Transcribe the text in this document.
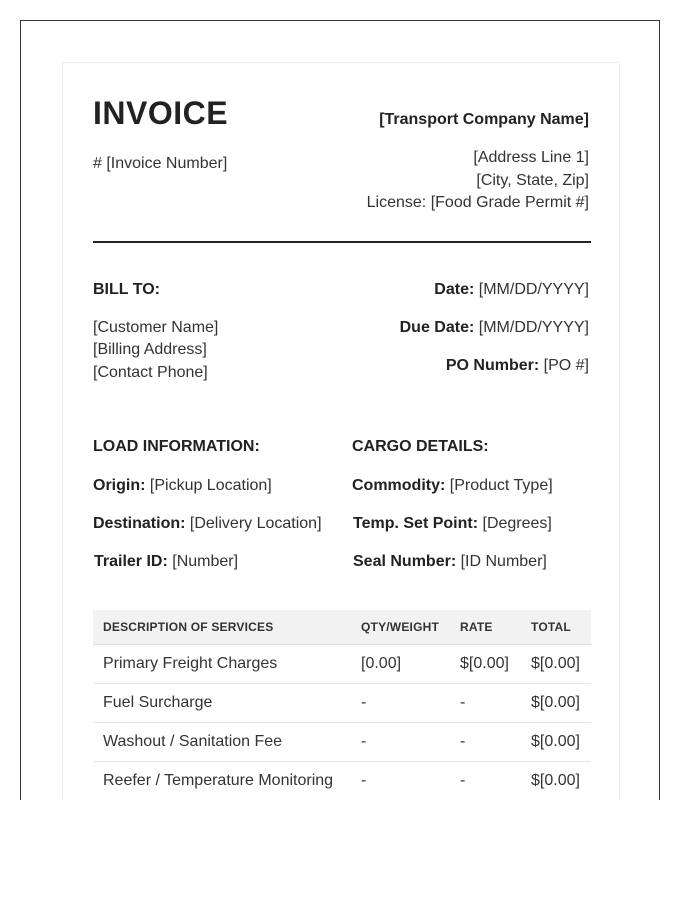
INVOICE
# [Invoice Number]
[Transport Company Name]
[Address Line 1]
[City, State, Zip]
License: [Food Grade Permit #]
BILL TO:
[Customer Name]
[Billing Address]
[Contact Phone]
Date: [MM/DD/YYYY]
Due Date: [MM/DD/YYYY]
PO Number: [PO #]
LOAD INFORMATION:
Origin: [Pickup Location]
Destination: [Delivery Location]
Trailer ID: [Number]
CARGO DETAILS:
Commodity: [Product Type]
Temp. Set Point: [Degrees]
Seal Number: [ID Number]
DESCRIPTION OF SERVICES	QTY/WEIGHT	RATE	TOTAL
Primary Freight Charges	[0.00]	$[0.00]	$[0.00]
Fuel Surcharge	-	-	$[0.00]
Washout / Sanitation Fee	-	-	$[0.00]
Reefer / Temperature Monitoring	-	-	$[0.00]
